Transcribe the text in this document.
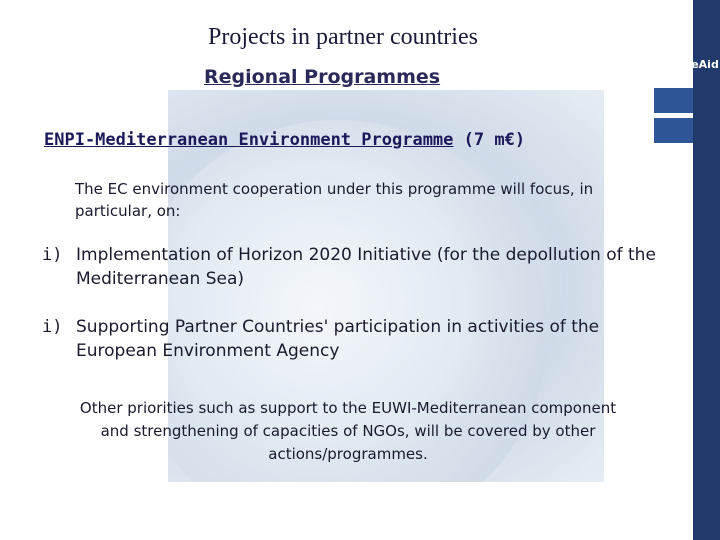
EuropeAid
Projects in partner countries
Regional Programmes
ENPI-Mediterranean Environment Programme (7 m€)
The EC environment cooperation under this programme will focus, in particular, on:
i) Implementation of Horizon 2020 Initiative (for the depollution of the Mediterranean Sea)
i) Supporting Partner Countries' participation in activities of the European Environment Agency
Other priorities such as support to the EUWI-Mediterranean component and strengthening of capacities of NGOs, will be covered by other actions/programmes.
